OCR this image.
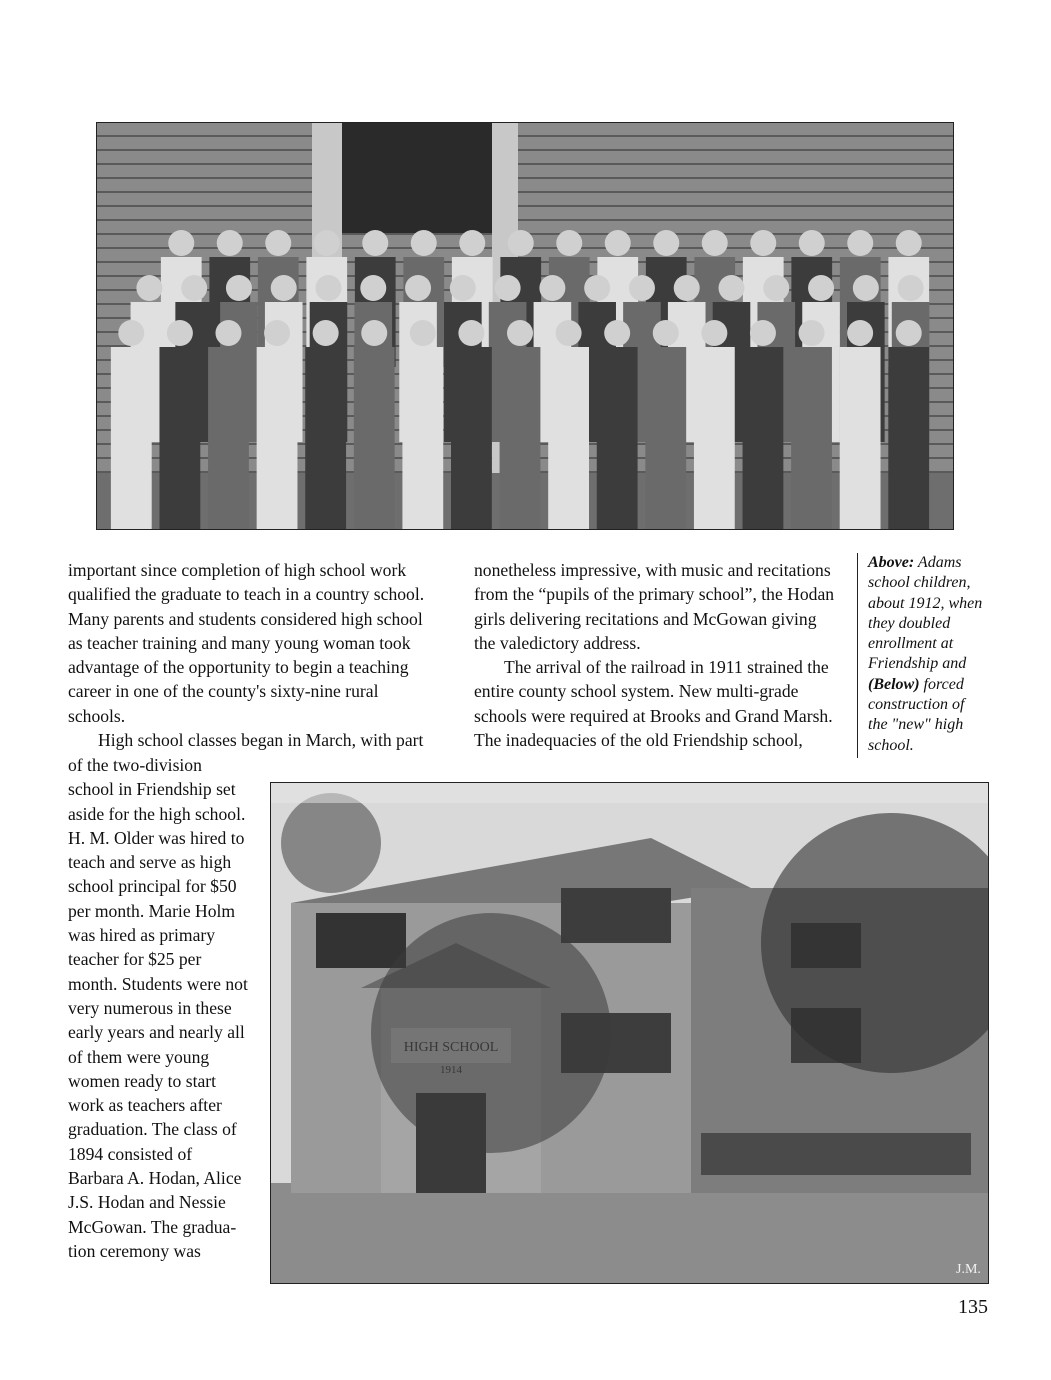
J.M.
important since completion of high school work
qualified the graduate to teach in a country school.
Many parents and students considered high school
as teacher training and many young woman took
advantage of the opportunity to begin a teaching
career in one of the county's sixty-nine rural
schools.
High school classes began in March, with part
of the two-division
school in Friendship set
aside for the high school.
H. M. Older was hired to
teach and serve as high
school principal for $50
per month. Marie Holm
was hired as primary
teacher for $25 per
month. Students were not
very numerous in these
early years and nearly all
of them were young
women ready to start
work as teachers after
graduation. The class of
1894 consisted of
Barbara A. Hodan, Alice
J.S. Hodan and Nessie
McGowan. The gradua-
tion ceremony was
nonetheless impressive, with music and recitations
from the “pupils of the primary school”, the Hodan
girls delivering recitations and McGowan giving
the valedictory address.
The arrival of the railroad in 1911 strained the
entire county school system. New multi-grade
schools were required at Brooks and Grand Marsh.
The inadequacies of the old Friendship school,
Above: Adams
school children,
about 1912, when
they doubled
enrollment at
Friendship and
(Below) forced
construction of
the "new" high
school.
135
